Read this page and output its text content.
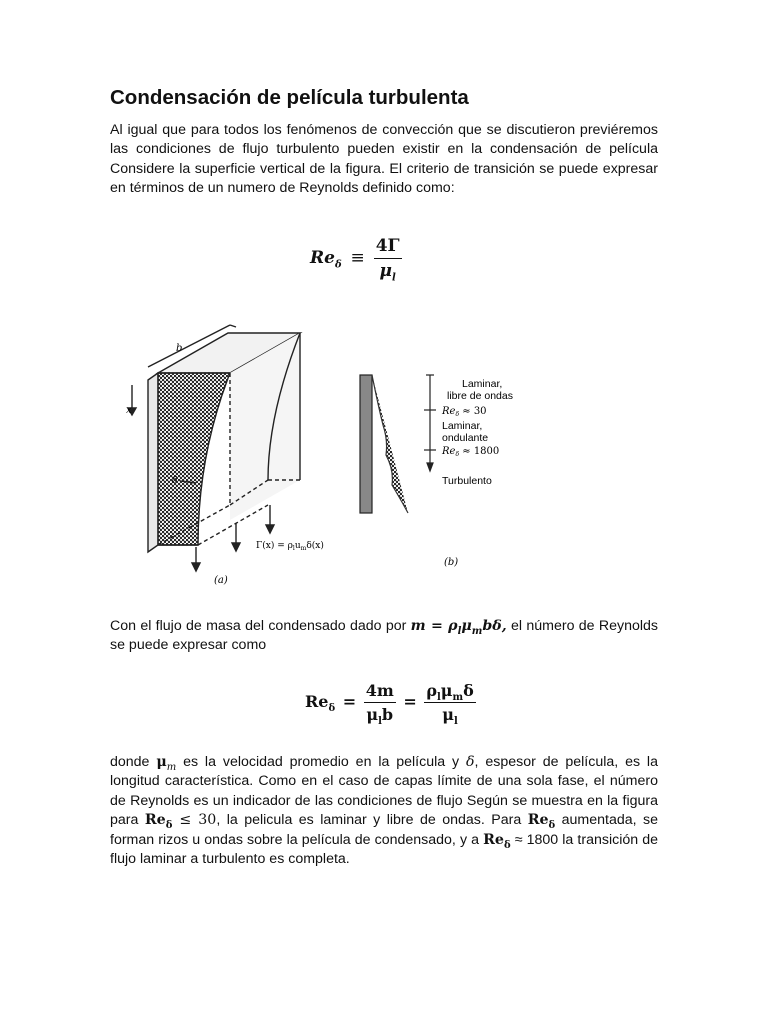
Condensación de película turbulenta
Al igual que para todos los fenómenos de convección que se discutieron previéremos las condiciones de flujo turbulento pueden existir en la condensación de película Considere la superficie vertical de la figura. El criterio de transición se puede expresar en términos de un numero de Reynolds definido como:
$Re_\delta \equiv \frac{4\Gamma}{\mu_l}$
b
x
δ
$\Gamma(x) = \rho_lu_m\delta(x)$
(a)
Laminar,
libre de ondas
$Re_\delta \approx 30$
Laminar,
ondulante
$Re_\delta \approx 1800$
Turbulento
(b)
Con el flujo de masa del condensado dado por $m = \rho_l\mu_mb\delta$, el número de Reynolds se puede expresar como
$Re_\delta = \frac{4m}{\mu_lb} = \frac{\rho_l\mu_m\delta}{\mu_l}$
donde $\mu_m$ es la velocidad promedio en la película y δ, espesor de película, es la longitud característica. Como en el caso de capas límite de una sola fase, el número de Reynolds es un indicador de las condiciones de flujo Según se muestra en la figura para $Re_\delta \le 30$, la pelicula es laminar y libre de ondas. Para $Re_\delta$ aumentada, se forman rizos u ondas sobre la película de condensado, y a $Re_\delta \approx 1800$ la transición de flujo laminar a turbulento es completa.
